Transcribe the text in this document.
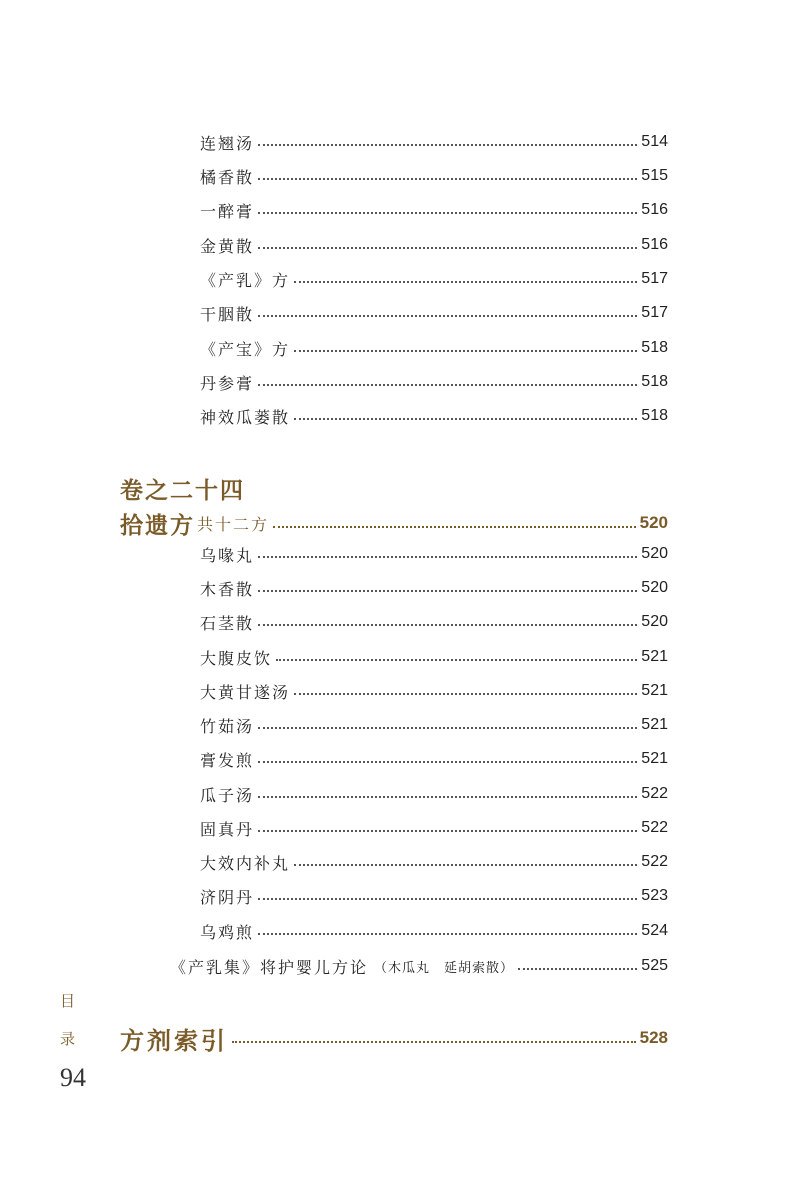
连翘汤	514
橘香散	515
一醉膏	516
金黄散	516
《产乳》方	517
干胭散	517
《产宝》方	518
丹参膏	518
神效瓜蒌散	518
卷之二十四
拾遗方 共十二方	520
乌喙丸	520
木香散	520
石茎散	520
大腹皮饮	521
大黄甘遂汤	521
竹茹汤	521
膏发煎	521
瓜子汤	522
固真丹	522
大效内补丸	522
济阴丹	523
乌鸡煎	524
《产乳集》将护婴儿方论 （木瓜丸　延胡索散）	525
方剂索引	528
目
录
94
